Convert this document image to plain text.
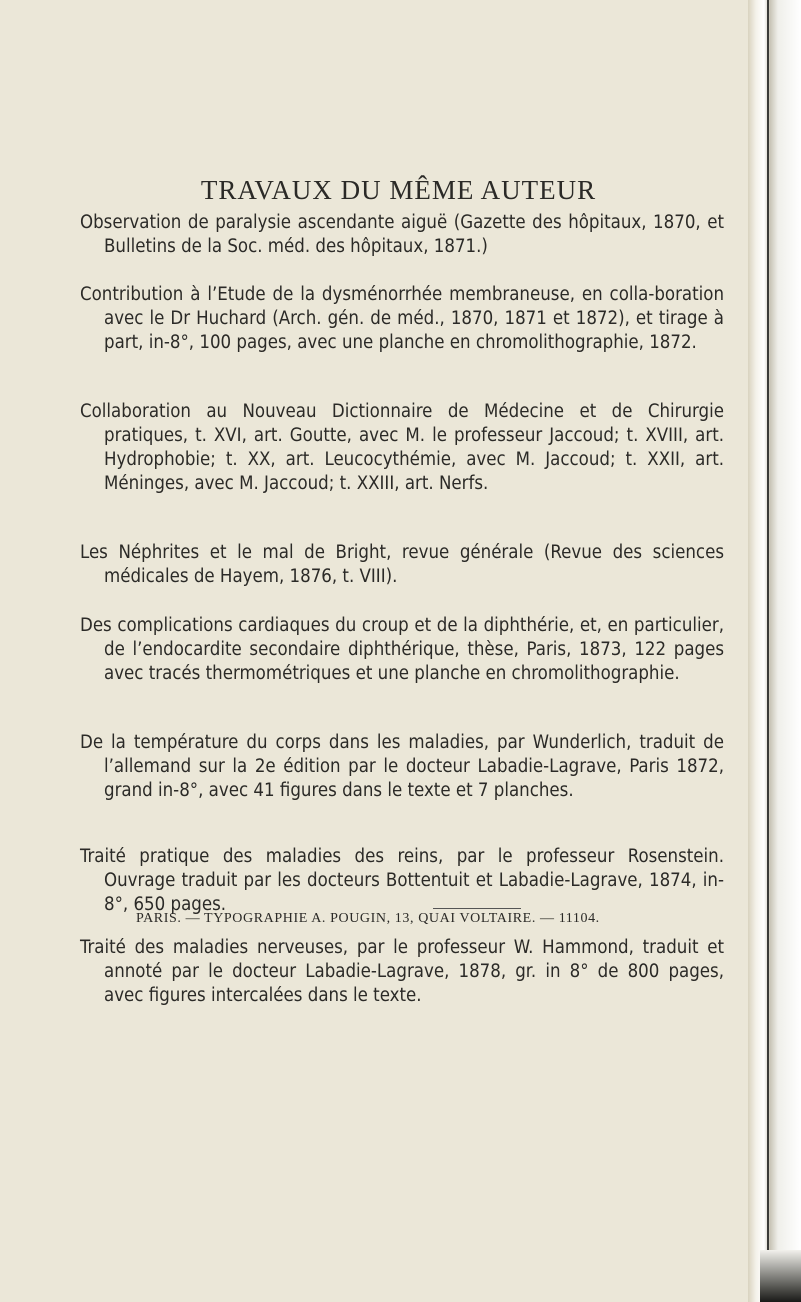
TRAVAUX DU MÊME AUTEUR

Observation de paralysie ascendante aiguë (Gazette des hôpitaux, 1870, et Bulletins de la Soc. méd. des hôpitaux, 1871.)

Contribution à l’Etude de la dysménorrhée membraneuse, en colla-boration avec le Dr Huchard (Arch. gén. de méd., 1870, 1871 et 1872), et tirage à part, in-8°, 100 pages, avec une planche en chromolithographie, 1872.

Collaboration au Nouveau Dictionnaire de Médecine et de Chirurgie pratiques, t. XVI, art. Goutte, avec M. le professeur Jaccoud; t. XVIII, art. Hydrophobie; t. XX, art. Leucocythémie, avec M. Jaccoud; t. XXII, art. Méninges, avec M. Jaccoud; t. XXIII, art. Nerfs.

Les Néphrites et le mal de Bright, revue générale (Revue des sciences médicales de Hayem, 1876, t. VIII).

Des complications cardiaques du croup et de la diphthérie, et, en particulier, de l’endocardite secondaire diphthérique, thèse, Paris, 1873, 122 pages avec tracés thermométriques et une planche en chromolithographie.

De la température du corps dans les maladies, par Wunderlich, traduit de l’allemand sur la 2e édition par le docteur Labadie-Lagrave, Paris 1872, grand in-8°, avec 41 figures dans le texte et 7 planches.

Traité pratique des maladies des reins, par le professeur Rosenstein. Ouvrage traduit par les docteurs Bottentuit et Labadie-Lagrave, 1874, in-8°, 650 pages.

Traité des maladies nerveuses, par le professeur W. Hammond, traduit et annoté par le docteur Labadie-Lagrave, 1878, gr. in 8° de 800 pages, avec figures intercalées dans le texte.

PARIS. — TYPOGRAPHIE A. POUGIN, 13, QUAI VOLTAIRE. — 11104.
